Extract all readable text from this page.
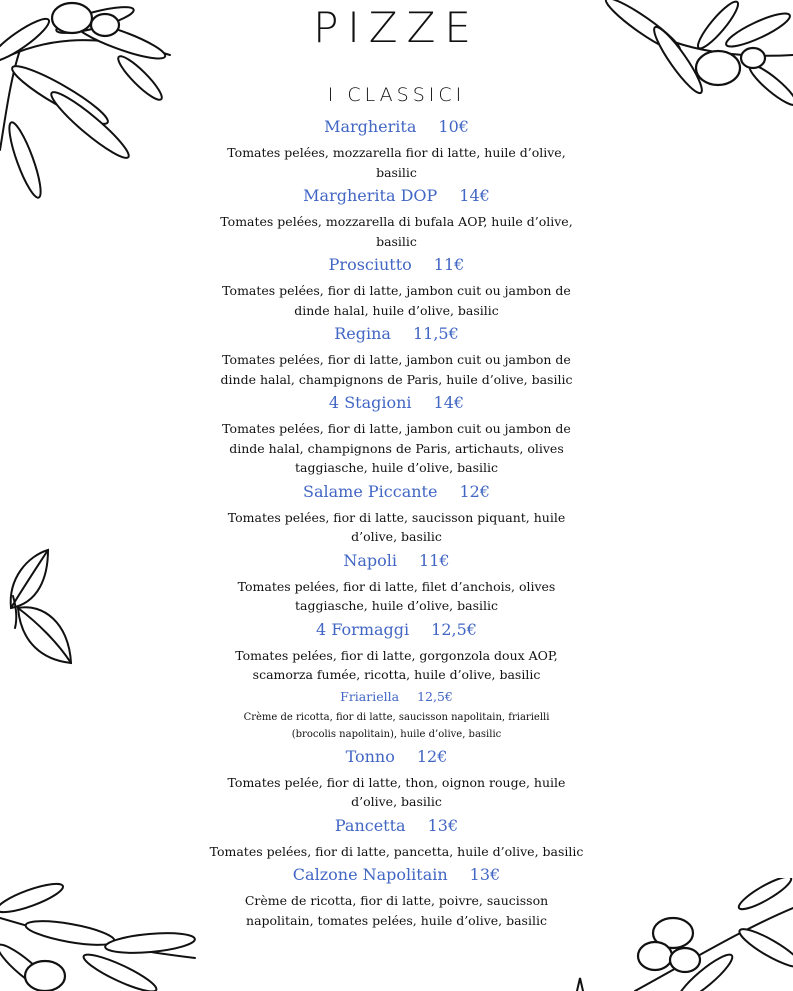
PIZZE
I CLASSICI
Margherita 10€
Tomates pelées, mozzarella fior di latte, huile d’olive, basilic
Margherita DOP 14€
Tomates pelées, mozzarella di bufala AOP, huile d’olive, basilic
Prosciutto 11€
Tomates pelées, fior di latte, jambon cuit ou jambon de dinde halal, huile d’olive, basilic
Regina 11,5€
Tomates pelées, fior di latte, jambon cuit ou jambon de dinde halal, champignons de Paris, huile d’olive, basilic
4 Stagioni 14€
Tomates pelées, fior di latte, jambon cuit ou jambon de dinde halal, champignons de Paris, artichauts, olives taggiasche, huile d’olive, basilic
Salame Piccante 12€
Tomates pelées, fior di latte, saucisson piquant, huile d’olive, basilic
Napoli 11€
Tomates pelées, fior di latte, filet d’anchois, olives taggiasche, huile d’olive, basilic
4 Formaggi 12,5€
Tomates pelées, fior di latte, gorgonzola doux AOP, scamorza fumée, ricotta, huile d’olive, basilic
Friariella 12,5€
Crème de ricotta, fior di latte, saucisson napolitain, friarielli (brocolis napolitain), huile d’olive, basilic
Tonno 12€
Tomates pelée, fior di latte, thon, oignon rouge, huile d’olive, basilic
Pancetta 13€
Tomates pelées, fior di latte, pancetta, huile d’olive, basilic
Calzone Napolitain 13€
Crème de ricotta, fior di latte, poivre, saucisson napolitain, tomates pelées, huile d’olive, basilic
